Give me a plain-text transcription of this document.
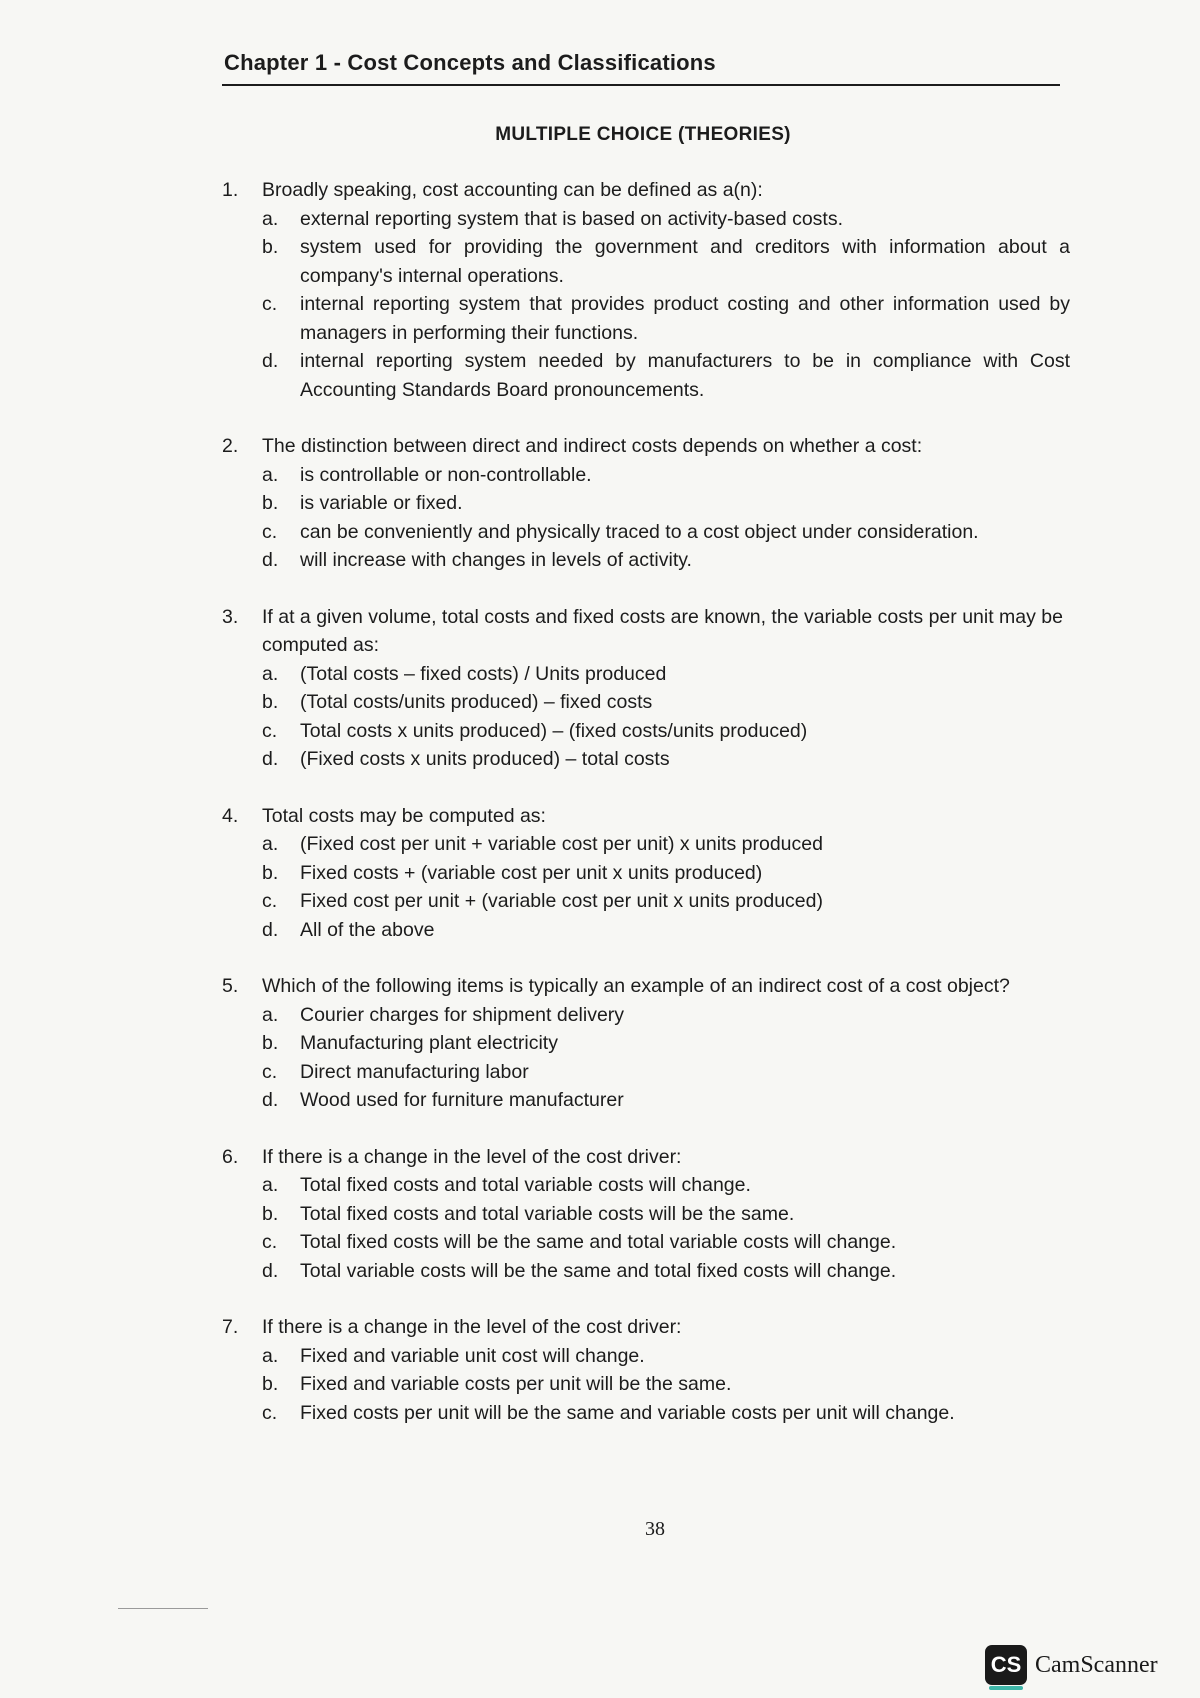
Chapter 1 - Cost Concepts and Classifications
MULTIPLE CHOICE (THEORIES)
1.	Broadly speaking, cost accounting can be defined as a(n):
a.	external reporting system that is based on activity-based costs.
b.	system used for providing the government and creditors with information about a company's internal operations.
c.	internal reporting system that provides product costing and other information used by managers in performing their functions.
d.	internal reporting system needed by manufacturers to be in compliance with Cost Accounting Standards Board pronouncements.
2.	The distinction between direct and indirect costs depends on whether a cost:
a.	is controllable or non-controllable.
b.	is variable or fixed.
c.	can be conveniently and physically traced to a cost object under consideration.
d.	will increase with changes in levels of activity.
3.	If at a given volume, total costs and fixed costs are known, the variable costs per unit may be computed as:
a.	(Total costs – fixed costs) / Units produced
b.	(Total costs/units produced) – fixed costs
c.	Total costs x units produced) – (fixed costs/units produced)
d.	(Fixed costs x units produced) – total costs
4.	Total costs may be computed as:
a.	(Fixed cost per unit + variable cost per unit) x units produced
b.	Fixed costs + (variable cost per unit x units produced)
c.	Fixed cost per unit + (variable cost per unit x units produced)
d.	All of the above
5.	Which of the following items is typically an example of an indirect cost of a cost object?
a.	Courier charges for shipment delivery
b.	Manufacturing plant electricity
c.	Direct manufacturing labor
d.	Wood used for furniture manufacturer
6.	If there is a change in the level of the cost driver:
a.	Total fixed costs and total variable costs will change.
b.	Total fixed costs and total variable costs will be the same.
c.	Total fixed costs will be the same and total variable costs will change.
d.	Total variable costs will be the same and total fixed costs will change.
7.	If there is a change in the level of the cost driver:
a.	Fixed and variable unit cost will change.
b.	Fixed and variable costs per unit will be the same.
c.	Fixed costs per unit will be the same and variable costs per unit will change.
38
CS CamScanner
